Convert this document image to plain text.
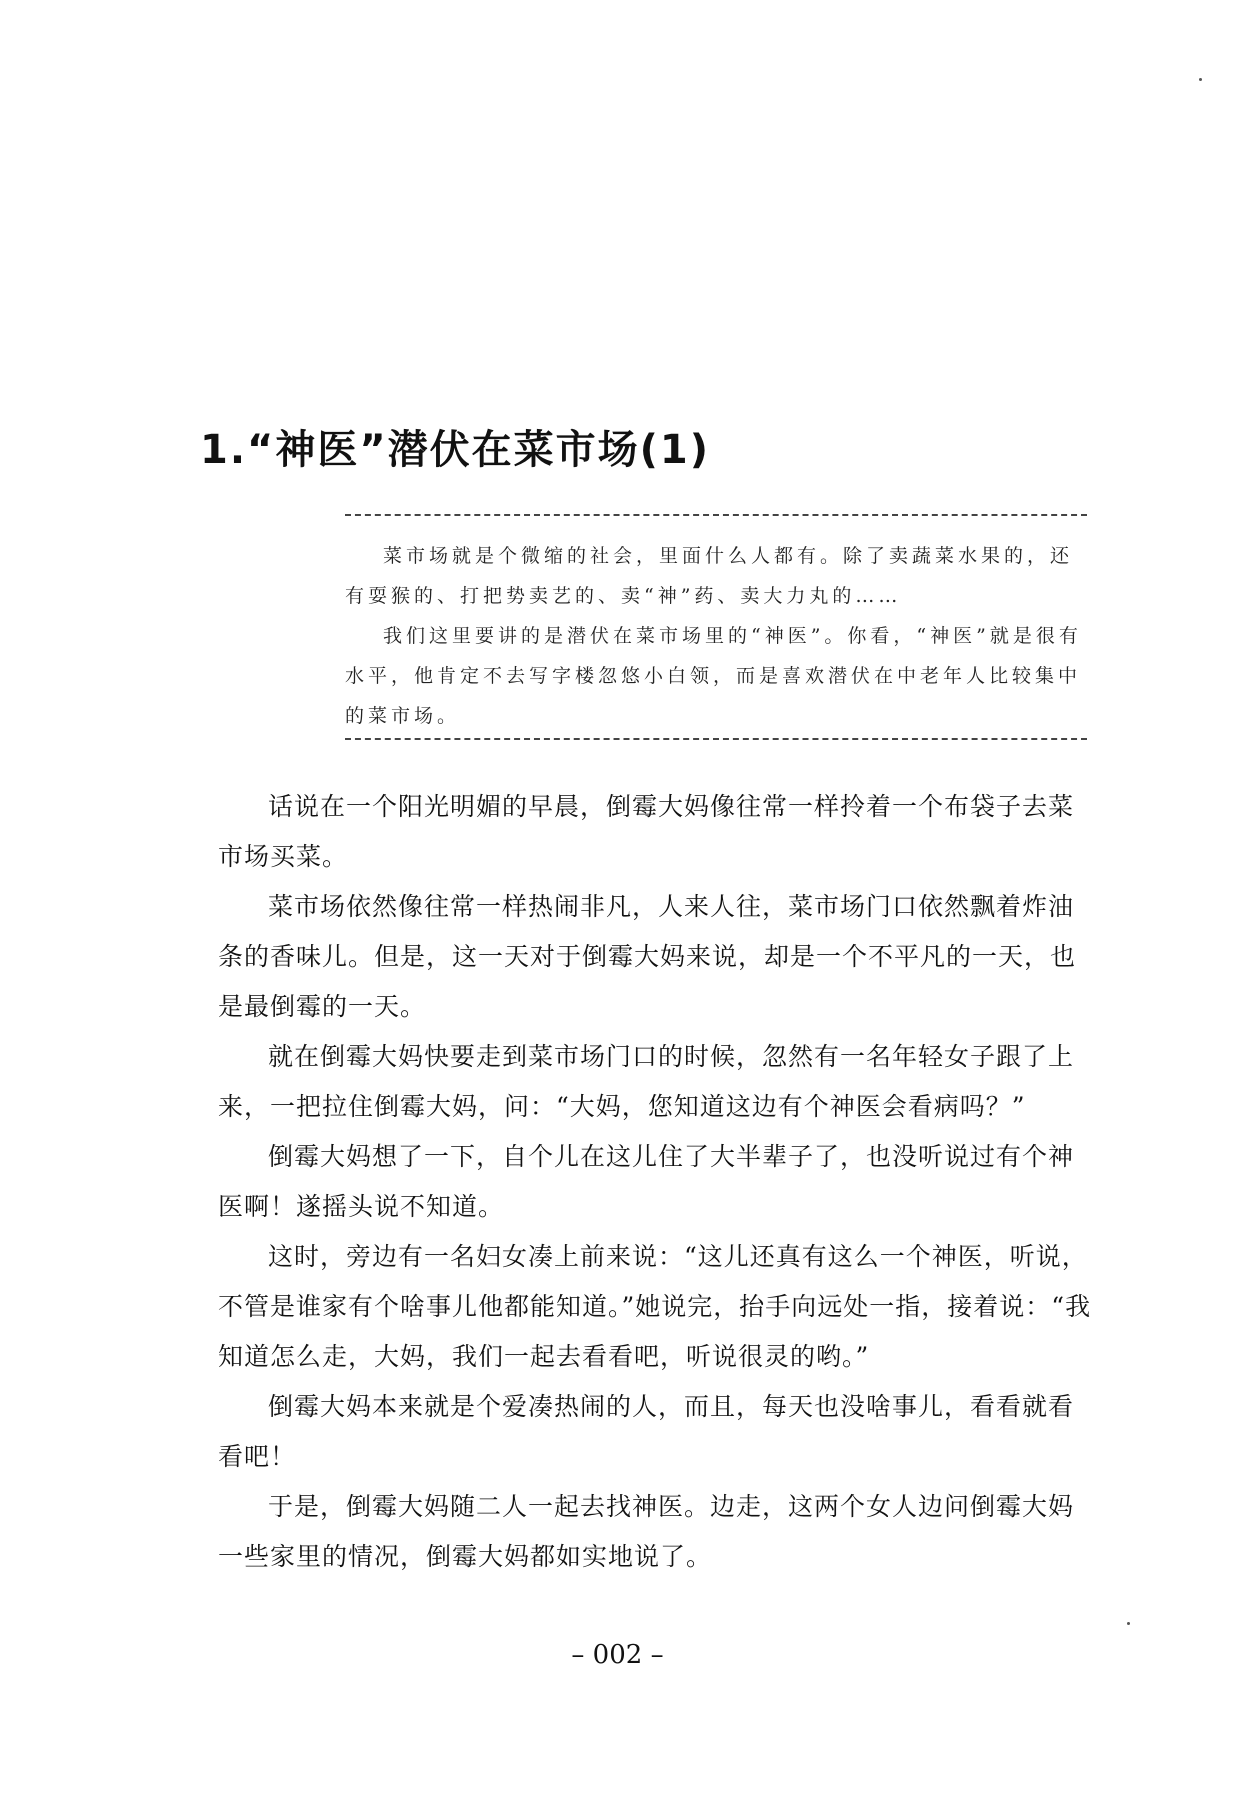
1.“神医”潜伏在菜市场(1)

菜市场就是个微缩的社会，里面什么人都有。除了卖蔬菜水果的，还有耍猴的、打把势卖艺的、卖“神”药、卖大力丸的……

我们这里要讲的是潜伏在菜市场里的“神医”。你看，“神医”就是很有水平，他肯定不去写字楼忽悠小白领，而是喜欢潜伏在中老年人比较集中的菜市场。

话说在一个阳光明媚的早晨，倒霉大妈像往常一样拎着一个布袋子去菜市场买菜。

菜市场依然像往常一样热闹非凡，人来人往，菜市场门口依然飘着炸油条的香味儿。但是，这一天对于倒霉大妈来说，却是一个不平凡的一天，也是最倒霉的一天。

就在倒霉大妈快要走到菜市场门口的时候，忽然有一名年轻女子跟了上来，一把拉住倒霉大妈，问：“大妈，您知道这边有个神医会看病吗？”

倒霉大妈想了一下，自个儿在这儿住了大半辈子了，也没听说过有个神医啊！遂摇头说不知道。

这时，旁边有一名妇女凑上前来说：“这儿还真有这么一个神医，听说，不管是谁家有个啥事儿他都能知道。”她说完，抬手向远处一指，接着说：“我知道怎么走，大妈，我们一起去看看吧，听说很灵的哟。”

倒霉大妈本来就是个爱凑热闹的人，而且，每天也没啥事儿，看看就看看吧！

于是，倒霉大妈随二人一起去找神医。边走，这两个女人边问倒霉大妈一些家里的情况，倒霉大妈都如实地说了。

– 002 –
